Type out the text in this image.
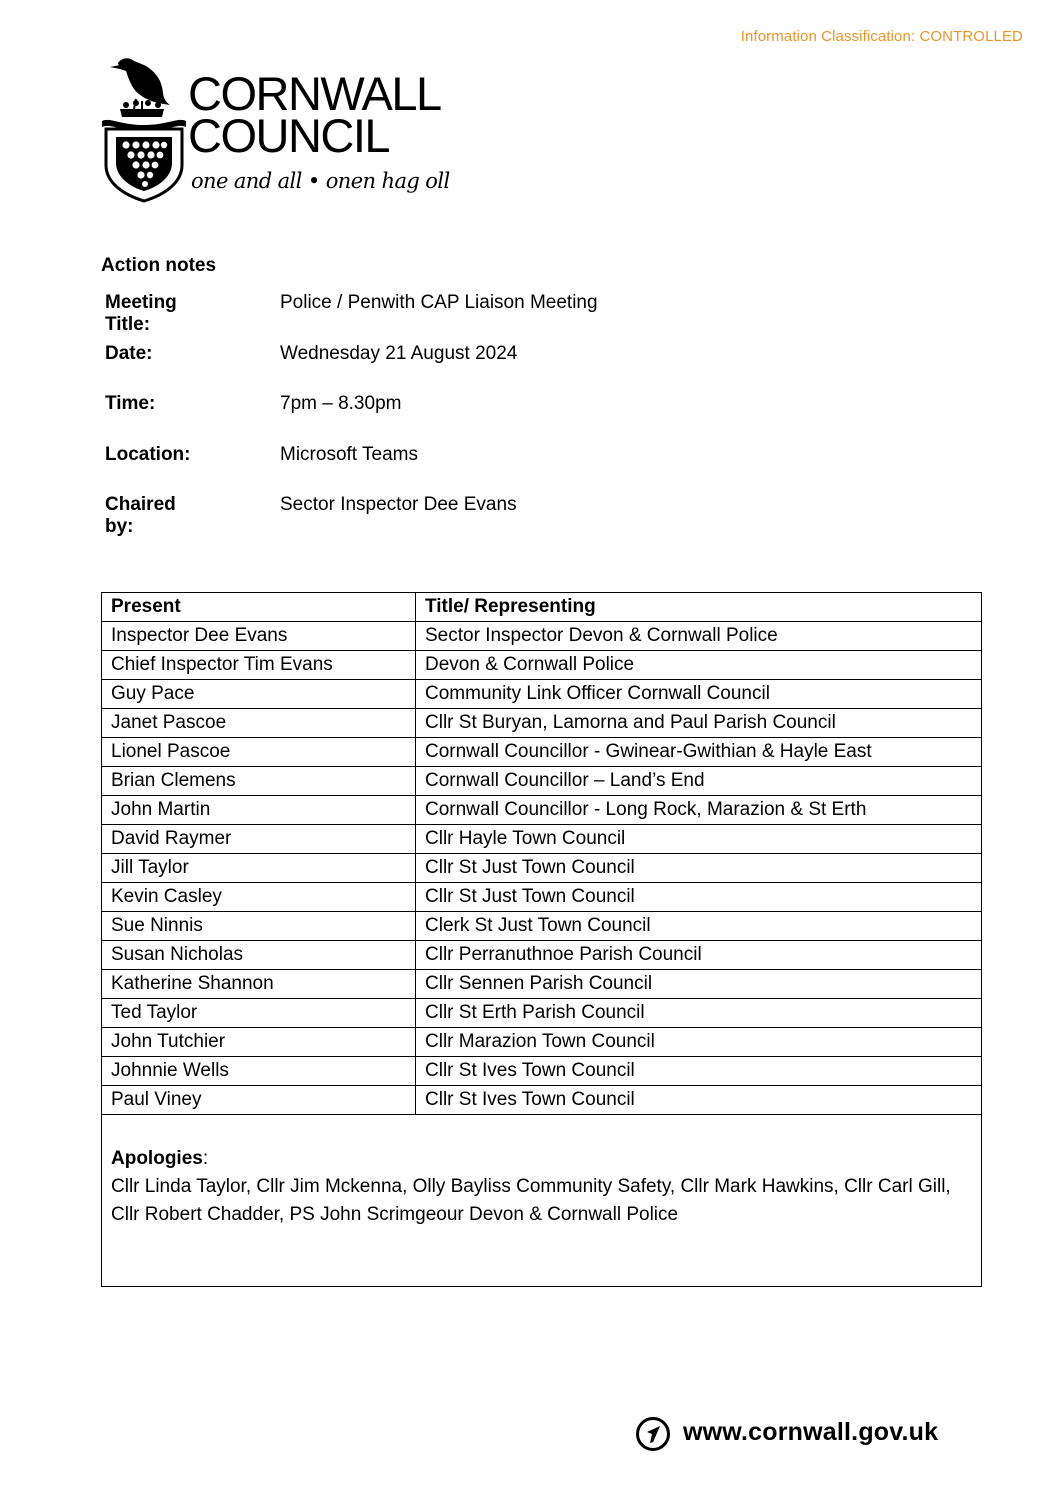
Information Classification: CONTROLLED
CORNWALL
COUNCIL
one and all • onen hag oll
Action notes
Meeting Title:
Police / Penwith CAP Liaison Meeting
Date:	Wednesday 21 August 2024
Time:	7pm – 8.30pm
Location:	Microsoft Teams
Chaired by:
Sector Inspector Dee Evans
Present	Title/ Representing
Inspector Dee Evans	Sector Inspector Devon & Cornwall Police
Chief Inspector Tim Evans	Devon & Cornwall Police
Guy Pace	Community Link Officer Cornwall Council
Janet Pascoe	Cllr St Buryan, Lamorna and Paul Parish Council
Lionel Pascoe	Cornwall Councillor - Gwinear-Gwithian & Hayle East
Brian Clemens	Cornwall Councillor – Land’s End
John Martin	Cornwall Councillor - Long Rock, Marazion & St Erth
David Raymer	Cllr Hayle Town Council
Jill Taylor	Cllr St Just Town Council
Kevin Casley	Cllr St Just Town Council
Sue Ninnis	Clerk St Just Town Council
Susan Nicholas	Cllr Perranuthnoe Parish Council
Katherine Shannon	Cllr Sennen Parish Council
Ted Taylor	Cllr St Erth Parish Council
John Tutchier	Cllr Marazion Town Council
Johnnie Wells	Cllr St Ives Town Council
Paul Viney	Cllr St Ives Town Council
Apologies:
Cllr Linda Taylor, Cllr Jim Mckenna, Olly Bayliss Community Safety, Cllr Mark Hawkins, Cllr Carl Gill, Cllr Robert Chadder, PS John Scrimgeour Devon & Cornwall Police	
www.cornwall.gov.uk
